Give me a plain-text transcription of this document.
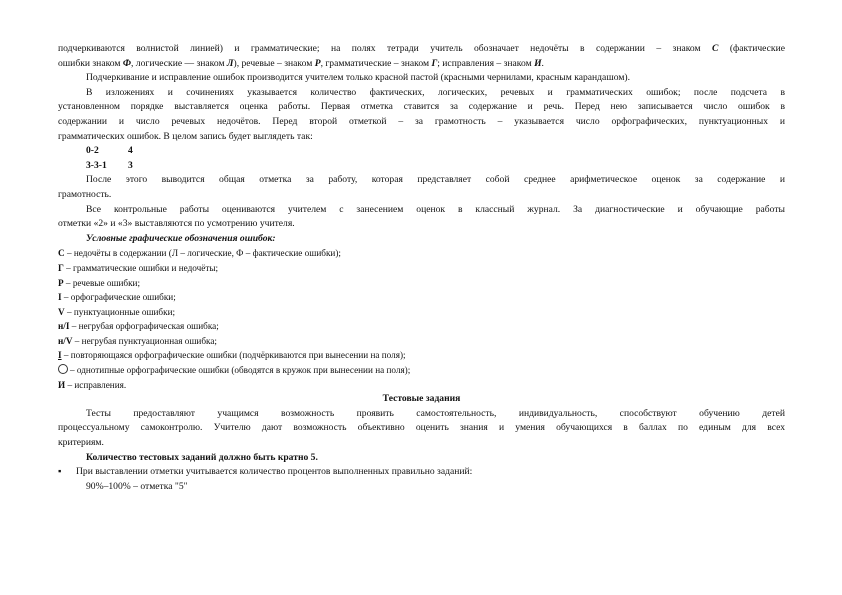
подчеркиваются волнистой линией) и грамматические; на полях тетради учитель обозначает недочёты в содержании – знаком С (фактические
ошибки знаком Ф, логические — знаком Л), речевые – знаком Р, грамматические – знаком Г; исправления – знаком И.
Подчеркивание и исправление ошибок производится учителем только красной пастой (красными чернилами, красным карандашом).
В изложениях и сочинениях указывается количество фактических, логических, речевых и грамматических ошибок; после подсчета в
установленном порядке выставляется оценка работы. Первая отметка ставится за содержание и речь. Перед нею записывается число ошибок в
содержании и число речевых недочётов. Перед второй отметкой – за грамотность – указывается число орфографических, пунктуационных и
грамматических ошибок. В целом запись будет выглядеть так:
0-2	4
3-3-1 3
После этого выводится общая отметка за работу, которая представляет собой среднее арифметическое оценок за содержание и
грамотность.
Все контрольные работы оцениваются учителем с занесением оценок в классный журнал. За диагностические и обучающие работы
отметки «2» и «3» выставляются по усмотрению учителя.
Условные графические обозначения ошибок:
С – недочёты в содержании (Л – логические, Ф – фактические ошибки);
Г – грамматические ошибки и недочёты;
Р – речевые ошибки;
I – орфографические ошибки;
V – пунктуационные ошибки;
н/I – негрубая орфографическая ошибка;
н/V – негрубая пунктуационная ошибка;
I – повторяющаяся орфографические ошибки (подчёркиваются при вынесении на поля);
– однотипные орфографические ошибки (обводятся в кружок при вынесении на поля);
И – исправления.
Тестовые задания
Тесты предоставляют учащимся возможность проявить самостоятельность, индивидуальность, способствуют обучению детей
процессуальному самоконтролю. Учителю дают возможность объективно оценить знания и умения обучающихся в баллах по единым для всех
критериям.
Количество тестовых заданий должно быть кратно 5.
▪ При выставлении отметки учитывается количество процентов выполненных правильно заданий:
90%–100% – отметка "5"
